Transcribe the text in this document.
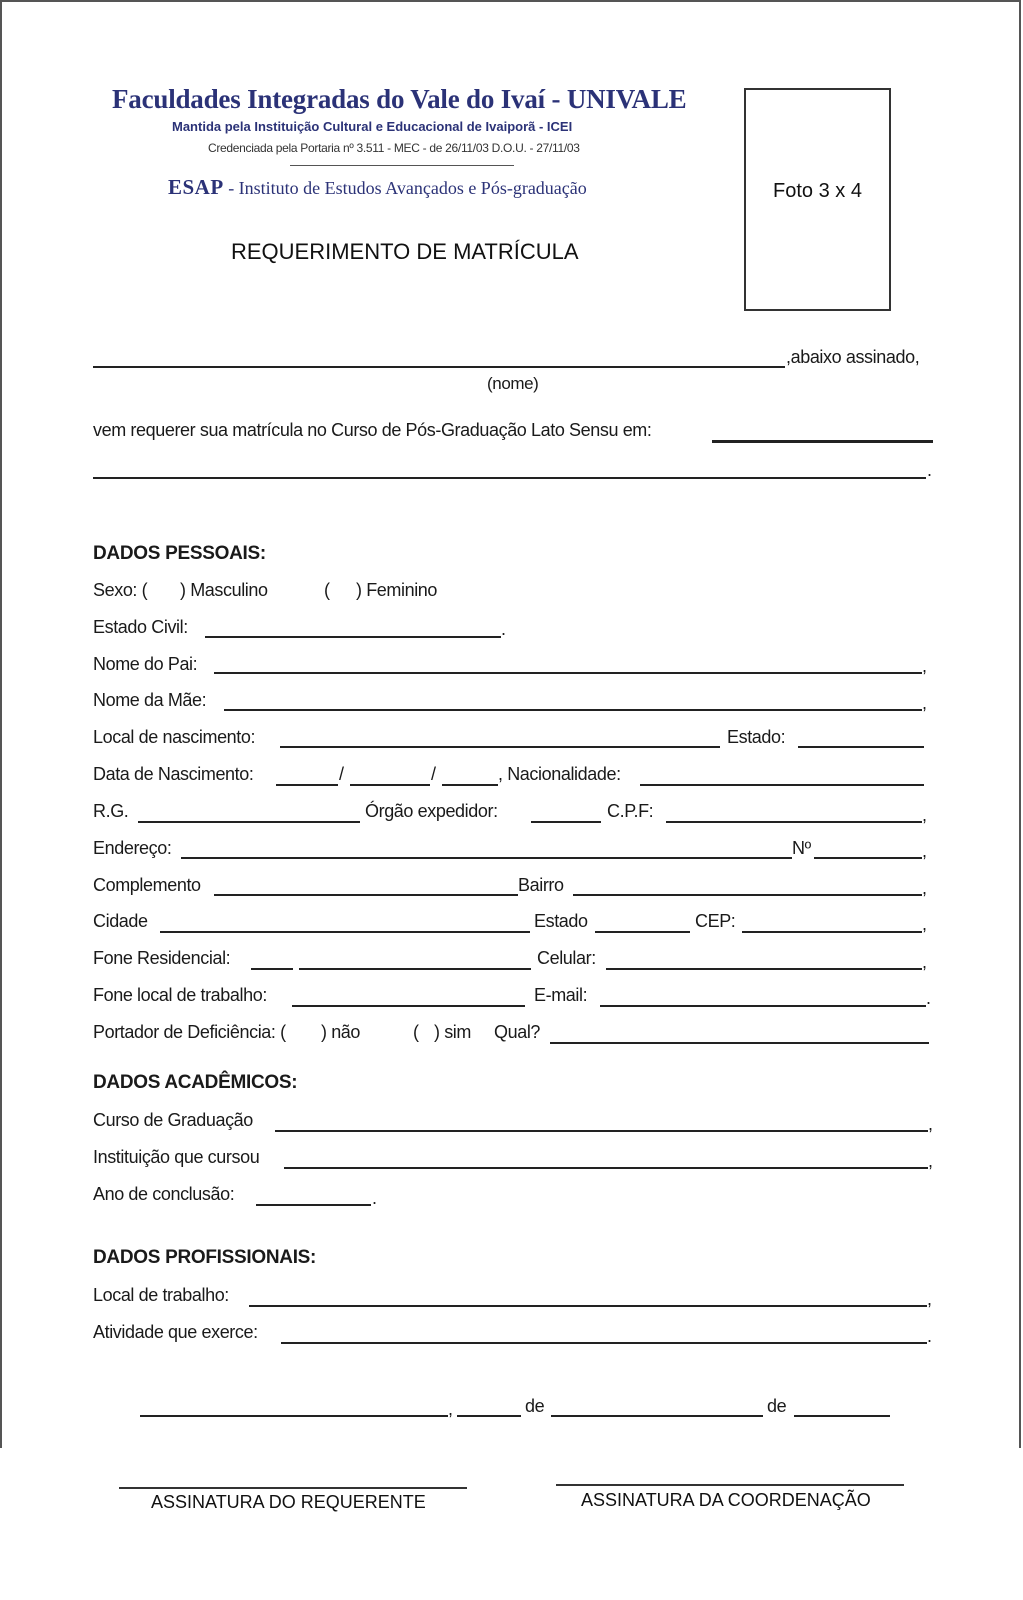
Faculdades Integradas do Vale do Ivaí - UNIVALE
Mantida pela Instituição Cultural e Educacional de Ivaiporã - ICEI
Credenciada pela Portaria nº 3.511 - MEC - de 26/11/03 D.O.U. - 27/11/03
ESAP - Instituto de Estudos Avançados e Pós-graduação
REQUERIMENTO DE MATRÍCULA
Foto 3 x 4
,abaixo assinado,
(nome)
vem requerer sua matrícula no Curso de Pós-Graduação Lato Sensu em:
.
DADOS PESSOAIS:
Sexo: ( ) Masculino	( ) Feminino
Estado Civil:	.
Nome do Pai:	,
Nome da Mãe:	,
Local de nascimento:	Estado:
Data de Nascimento:	/	/	, Nacionalidade:
R.G.	Órgão expedidor:	C.P.F:	,
Endereço:	Nº	,
Complemento	Bairro	,
Cidade	Estado	CEP:	,
Fone Residencial:	Celular:	,
Fone local de trabalho:	E-mail:	.
Portador de Deficiência: ( ) não	( ) sim Qual?
DADOS ACADÊMICOS:
Curso de Graduação	,
Instituição que cursou	,
Ano de conclusão:	.
DADOS PROFISSIONAIS:
Local de trabalho:	,
Atividade que exerce:	.
,	de	de
ASSINATURA DO REQUERENTE	ASSINATURA DA COORDENAÇÃO
